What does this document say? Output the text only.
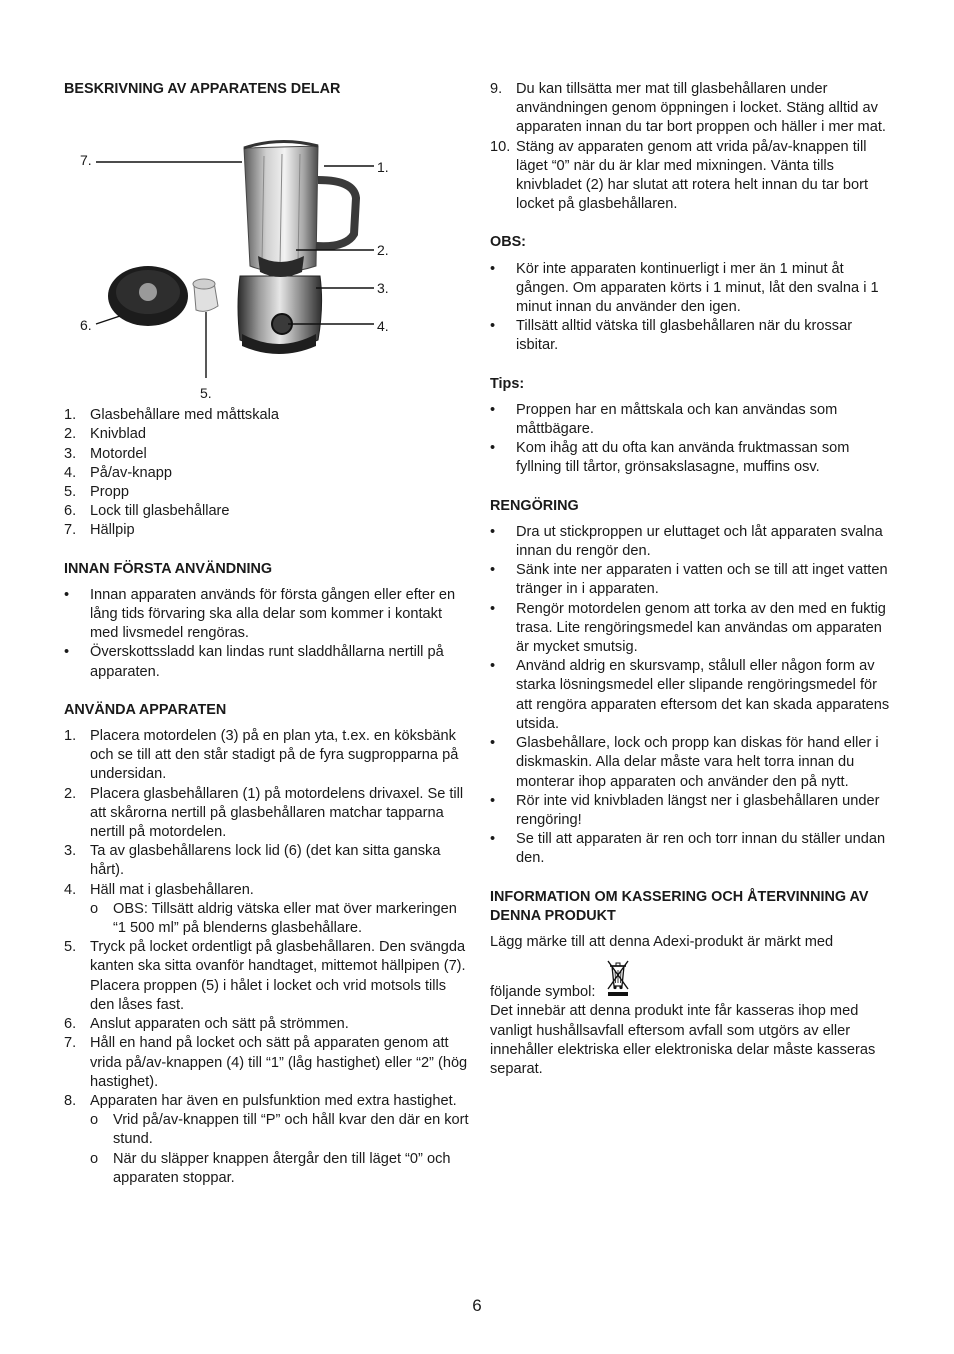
BESKRIVNING AV APPARATENS DELAR
7.	1.
2.
3.
4.
6.
5.
1. Glasbehållare med måttskala
2. Knivblad
3. Motordel
4. På/av-knapp
5. Propp
6. Lock till glasbehållare
7. Hällpip
INNAN FÖRSTA ANVÄNDNING
• Innan apparaten används för första gången eller efter en lång tids förvaring ska alla delar som kommer i kontakt med livsmedel rengöras.
• Överskottssladd kan lindas runt sladdhållarna nertill på apparaten.
ANVÄNDA APPARATEN
1. Placera motordelen (3) på en plan yta, t.ex. en köksbänk och se till att den står stadigt på de fyra sugpropparna på undersidan.
2. Placera glasbehållaren (1) på motordelens drivaxel. Se till att skårorna nertill på glasbehållaren matchar tapparna nertill på motordelen.
3. Ta av glasbehållarens lock lid (6) (det kan sitta ganska hårt).
4. Häll mat i glasbehållaren.
o OBS: Tillsätt aldrig vätska eller mat över markeringen “1 500 ml” på blenderns glasbehållare.
5. Tryck på locket ordentligt på glasbehållaren. Den svängda kanten ska sitta ovanför handtaget, mittemot hällpipen (7). Placera proppen (5) i hålet i locket och vrid motsols tills den låses fast.
6. Anslut apparaten och sätt på strömmen.
7. Håll en hand på locket och sätt på apparaten genom att vrida på/av-knappen (4) till “1” (låg hastighet) eller “2” (hög hastighet).
8. Apparaten har även en pulsfunktion med extra hastighet.
o Vrid på/av-knappen till “P” och håll kvar den där en kort stund.
o När du släpper knappen återgår den till läget “0” och apparaten stoppar.
9. Du kan tillsätta mer mat till glasbehållaren under användningen genom öppningen i locket. Stäng alltid av apparaten innan du tar bort proppen och häller i mer mat.
10. Stäng av apparaten genom att vrida på/av-knappen till läget “0” när du är klar med mixningen. Vänta tills knivbladet (2) har slutat att rotera helt innan du tar bort locket på glasbehållaren.
OBS:
• Kör inte apparaten kontinuerligt i mer än 1 minut åt gången. Om apparaten körts i 1 minut, låt den svalna i 1 minut innan du använder den igen.
• Tillsätt alltid vätska till glasbehållaren när du krossar isbitar.
Tips:
• Proppen har en måttskala och kan användas som måttbägare.
• Kom ihåg att du ofta kan använda fruktmassan som fyllning till tårtor, grönsakslasagne, muffins osv.
RENGÖRING
• Dra ut stickproppen ur eluttaget och låt apparaten svalna innan du rengör den.
• Sänk inte ner apparaten i vatten och se till att inget vatten tränger in i apparaten.
• Rengör motordelen genom att torka av den med en fuktig trasa. Lite rengöringsmedel kan användas om apparaten är mycket smutsig.
• Använd aldrig en skursvamp, stålull eller någon form av starka lösningsmedel eller slipande rengöringsmedel för att rengöra apparaten eftersom det kan skada apparatens utsida.
• Glasbehållare, lock och propp kan diskas för hand eller i diskmaskin. Alla delar måste vara helt torra innan du monterar ihop apparaten och använder den på nytt.
• Rör inte vid knivbladen längst ner i glasbehållaren under rengöring!
• Se till att apparaten är ren och torr innan du ställer undan den.
INFORMATION OM KASSERING OCH ÅTERVINNING AV DENNA PRODUKT
Lägg märke till att denna Adexi-produkt är märkt med
följande symbol:
Det innebär att denna produkt inte får kasseras ihop med vanligt hushållsavfall eftersom avfall som utgörs av eller innehåller elektriska eller elektroniska delar måste kasseras separat.
6
